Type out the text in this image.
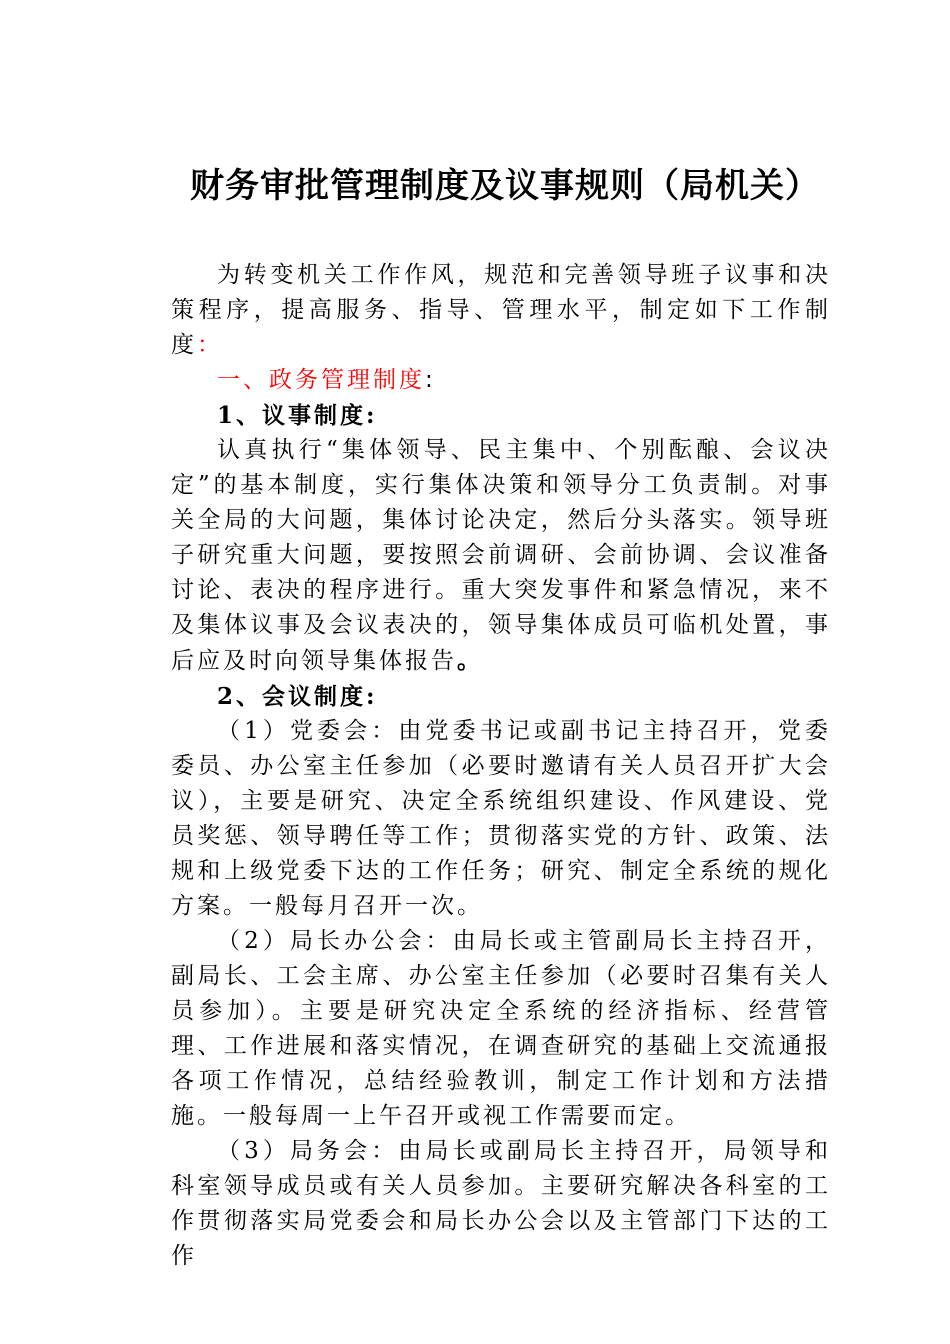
财务审批管理制度及议事规则（局机关）

为转变机关工作作风，规范和完善领导班子议事和决策程序，提高服务、指导、管理水平，制定如下工作制度：

一、政务管理制度:

1、议事制度:

认真执行“集体领导、民主集中、个别酝酿、会议决定”的基本制度，实行集体决策和领导分工负责制。对事关全局的大问题，集体讨论决定，然后分头落实。领导班子研究重大问题，要按照会前调研、会前协调、会议准备讨论、表决的程序进行。重大突发事件和紧急情况，来不及集体议事及会议表决的，领导集体成员可临机处置，事后应及时向领导集体报告。

2、会议制度:

（1）党委会：由党委书记或副书记主持召开，党委委员、办公室主任参加（必要时邀请有关人员召开扩大会议），主要是研究、决定全系统组织建设、作风建设、党员奖惩、领导聘任等工作；贯彻落实党的方针、政策、法规和上级党委下达的工作任务；研究、制定全系统的规化方案。一般每月召开一次。

（2）局长办公会：由局长或主管副局长主持召开，副局长、工会主席、办公室主任参加（必要时召集有关人员参加）。主要是研究决定全系统的经济指标、经营管理、工作进展和落实情况，在调查研究的基础上交流通报各项工作情况，总结经验教训，制定工作计划和方法措施。一般每周一上午召开或视工作需要而定。

（3）局务会：由局长或副局长主持召开，局领导和科室领导成员或有关人员参加。主要研究解决各科室的工作贯彻落实局党委会和局长办公会以及主管部门下达的工作
